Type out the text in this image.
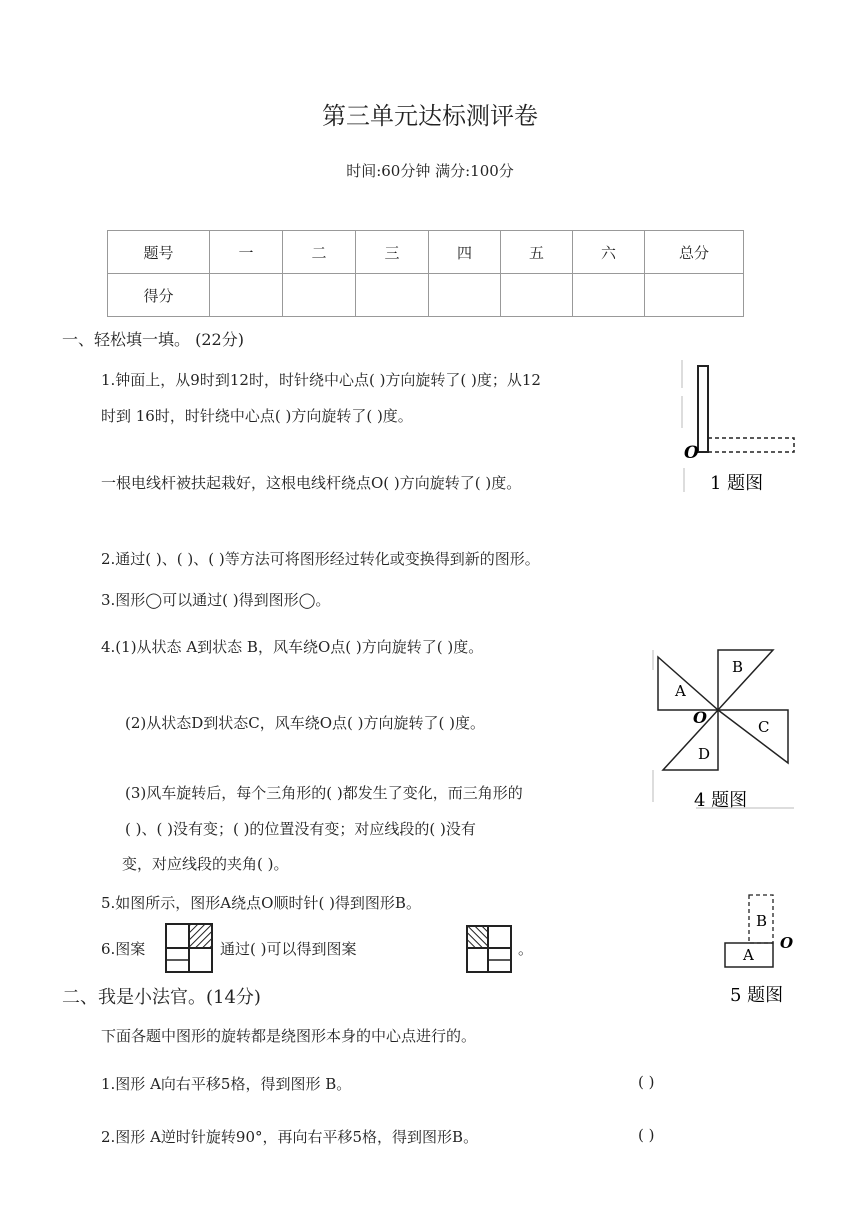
第三单元达标测评卷
时间:60分钟 满分:100分
题号	一	二	三	四	五	六	总分
得分							
一、轻松填一填。 (22分)
1.钟面上，从9时到12时，时针绕中心点( )方向旋转了( )度；从12
时到 16时，时针绕中心点( )方向旋转了( )度。
一根电线杆被扶起栽好，这根电线杆绕点O( )方向旋转了( )度。
O
1 题图
2.通过( )、( )、( )等方法可将图形经过转化或变换得到新的图形。
3.图形◯可以通过( )得到图形◯。
4.(1)从状态 A到状态 B，风车绕O点( )方向旋转了( )度。
(2)从状态D到状态C，风车绕O点( )方向旋转了( )度。
(3)风车旋转后，每个三角形的( )都发生了变化，而三角形的
( )、( )没有变；( )的位置没有变；对应线段的( )没有
变，对应线段的夹角( )。
A
B
C
D
O
4 题图
5.如图所示，图形A绕点O顺时针( )得到图形B。
B
A
O
5 题图
6.图案	通过( )可以得到图案	。
二、我是小法官。(14分)
下面各题中图形的旋转都是绕图形本身的中心点进行的。
1.图形 A向右平移5格，得到图形 B。	( )
2.图形 A逆时针旋转90°，再向右平移5格，得到图形B。	( )
